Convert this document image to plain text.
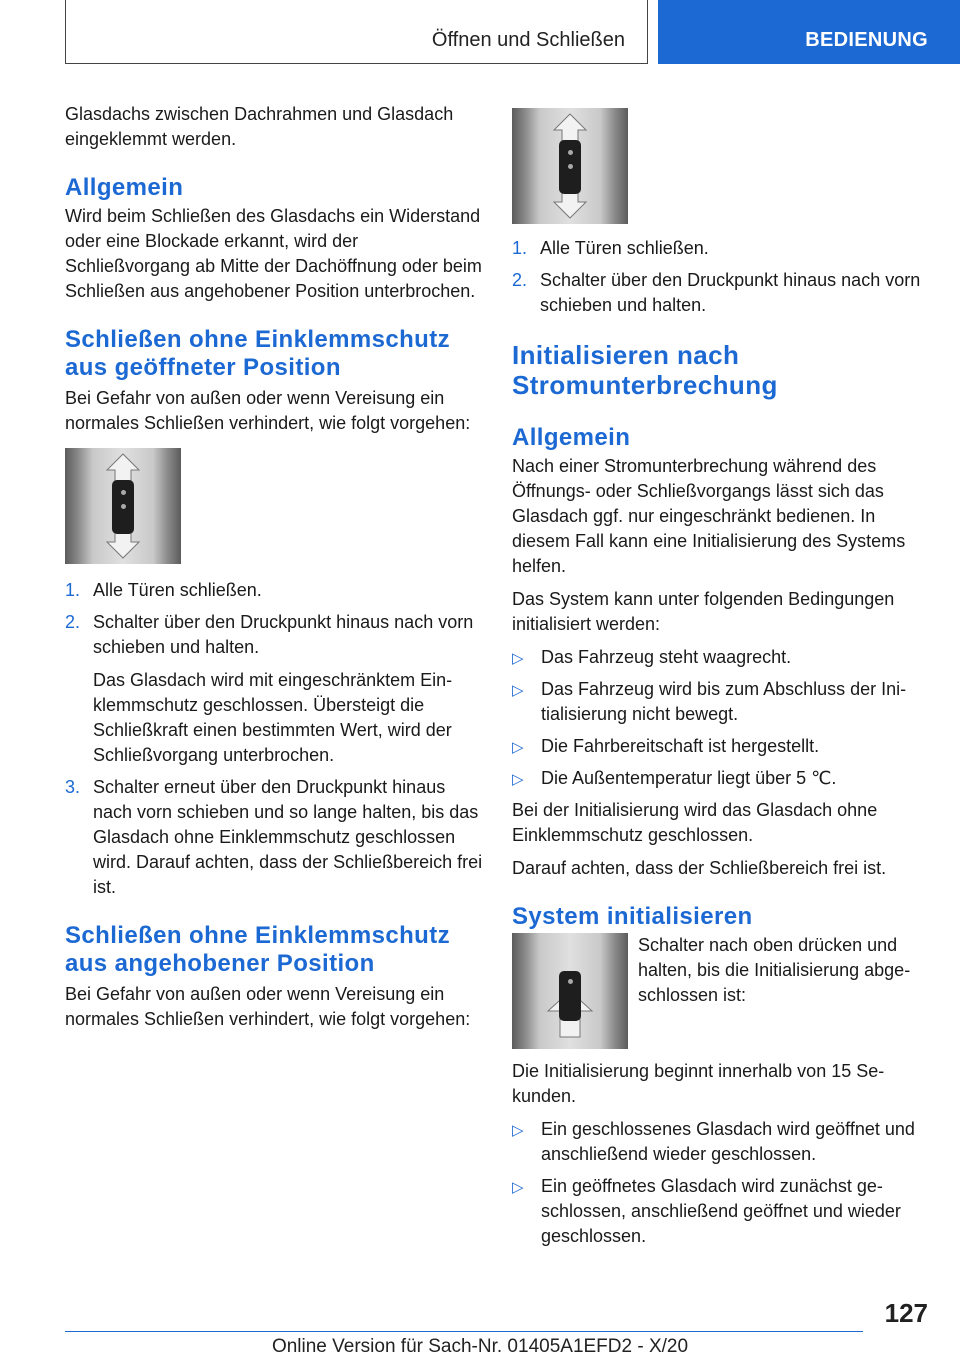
Öffnen und Schließen	BEDIENUNG

Glasdachs zwischen Dachrahmen und Glasdach eingeklemmt werden.

Allgemein

Wird beim Schließen des Glasdachs ein Widerstand oder eine Blockade erkannt, wird der Schließvorgang ab Mitte der Dachöffnung oder beim Schließen aus angehobener Position unterbrochen.

Schließen ohne Einklemmschutz aus geöffneter Position

Bei Gefahr von außen oder wenn Vereisung ein normales Schließen verhindert, wie folgt vorgehen:

1. Alle Türen schließen.
2. Schalter über den Druckpunkt hinaus nach vorn schieben und halten.

Das Glasdach wird mit eingeschränktem Einklemmschutz geschlossen. Übersteigt die Schließkraft einen bestimmten Wert, wird der Schließvorgang unterbrochen.

3. Schalter erneut über den Druckpunkt hinaus nach vorn schieben und so lange halten, bis das Glasdach ohne Einklemmschutz geschlossen wird. Darauf achten, dass der Schließbereich frei ist.
Schließen ohne Einklemmschutz aus angehobener Position

Bei Gefahr von außen oder wenn Vereisung ein normales Schließen verhindert, wie folgt vorgehen:

1. Alle Türen schließen.
2. Schalter über den Druckpunkt hinaus nach vorn schieben und halten.
Initialisieren nach Stromunterbrechung
Allgemein

Nach einer Stromunterbrechung während des Öffnungs- oder Schließvorgangs lässt sich das Glasdach ggf. nur eingeschränkt bedienen. In diesem Fall kann eine Initialisierung des Systems helfen.

Das System kann unter folgenden Bedingungen initialisiert werden:

▷ Das Fahrzeug steht waagrecht.
▷ Das Fahrzeug wird bis zum Abschluss der Initialisierung nicht bewegt.
▷ Die Fahrbereitschaft ist hergestellt.
▷ Die Außentemperatur liegt über 5 ℃.

Bei der Initialisierung wird das Glasdach ohne Einklemmschutz geschlossen.

Darauf achten, dass der Schließbereich frei ist.

System initialisieren

Schalter nach oben drücken und halten, bis die Initialisierung abgeschlossen ist:

Die Initialisierung beginnt innerhalb von 15 Sekunden.

▷ Ein geschlossenes Glasdach wird geöffnet und anschließend wieder geschlossen.
▷ Ein geöffnetes Glasdach wird zunächst geschlossen, anschließend geöffnet und wieder geschlossen.
127
Online Version für Sach-Nr. 01405A1EFD2 - X/20
